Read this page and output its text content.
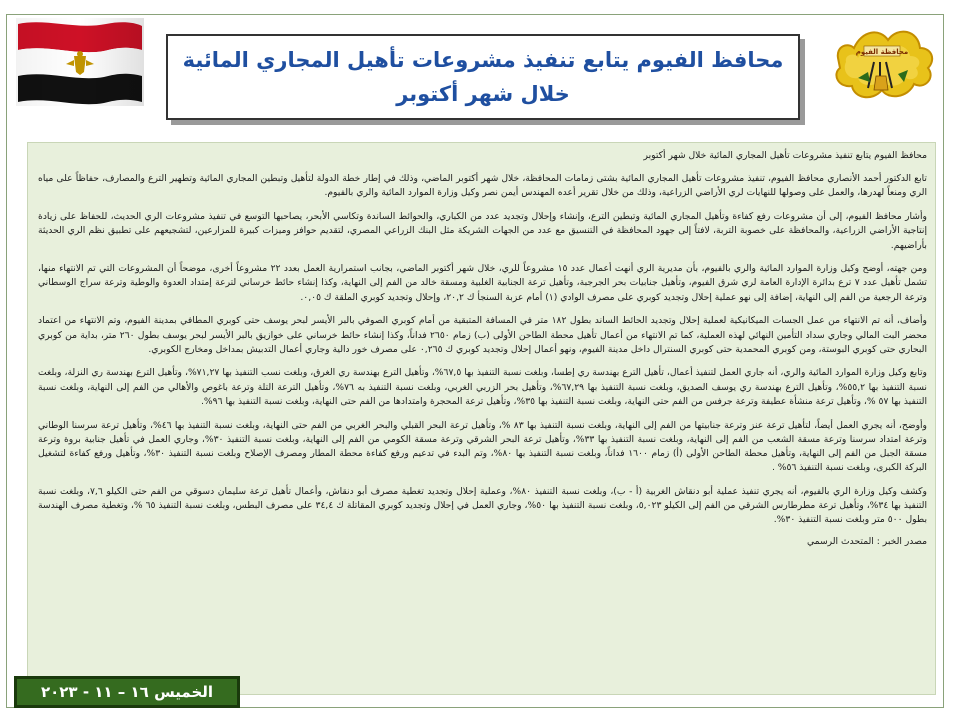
محافظة الفيوم
محافظ الفيوم يتابع تنفيذ مشروعات تأهيل المجاري المائية خلال شهر أكتوبر

محافظ الفيوم يتابع تنفيذ مشروعات تأهيل المجاري المائية خلال شهر أكتوبر

تابع الدكتور أحمد الأنصاري محافظ الفيوم، تنفيذ مشروعات تأهيل المجاري المائية بشتى زمامات المحافظة، خلال شهر أكتوبر الماضي، وذلك في إطار خطة الدولة لتأهيل وتبطين المجاري المائية وتطهير الترع والمصارف، حفاظاً على مياه الري ومنعاً لهدرها، والعمل على وصولها للنهايات لري الأراضي الزراعية، وذلك من خلال تقرير أعده المهندس أيمن نصر وكيل وزارة الموارد المائية والري بالفيوم.

وأشار محافظ الفيوم، إلى أن مشروعات رفع كفاءة وتأهيل المجاري المائية وتبطين الترع، وإنشاء وإحلال وتجديد عدد من الكباري، والحوائط الساندة وتكاسي الأبحر، يصاحبها التوسع في تنفيذ مشروعات الري الحديث، للحفاظ على زيادة إنتاجية الأراضي الزراعية، والمحافظة على خصوبة التربة، لافتاً إلى جهود المحافظة في التنسيق مع عدد من الجهات الشريكة مثل البنك الزراعي المصري، لتقديم حوافز وميزات كبيرة للمزارعين، لتشجيعهم على تطبيق نظم الري الحديثة بأراضيهم.

ومن جهته، أوضح وكيل وزارة الموارد المائية والري بالفيوم، بأن مديرية الري أنهت أعمال عدد ١٥ مشروعاً للري، خلال شهر أكتوبر الماضي، بجانب استمرارية العمل بعدد ٢٢ مشروعاً أخرى، موضحاً أن المشروعات التي تم الانتهاء منها، تشمل تأهيل عدد ٧ ترع بدائرة الإدارة العامة لري شرق الفيوم، وتأهيل جنابيات بحر الجرجبة، وتأهيل ترعة الجنابية الغلبية ومسقة خالد من الفم إلى النهاية، وكذا إنشاء حائط خرساني لترعة إمتداد العدوة والوطية وترعة سراج الوسطاني وترعة الرجعية من الفم إلى النهاية، إضافة إلى نهو عملية إحلال وتجديد كوبري على مصرف الوادي (١) أمام عزبة السنجأ ك ٢٠,٢، وإحلال وتجديد كوبري الملقة ك ٠,٠٥.

وأضاف، أنه تم الانتهاء من عمل الجسات الميكانيكية لعملية إحلال وتجديد الحائط الساند بطول ١٨٢ متر في المسافة المتبقية من أمام كوبري الصوفي بالبر الأيسر لبحر يوسف حتى كوبري المطافي بمدينة الفيوم، وتم الانتهاء من اعتماد محضر البت المالي وجاري سداد التأمين النهائي لهذه العملية، كما تم الانتهاء من أعمال تأهيل محطة الطاحن الأولى (ب) زمام ٢٦٥٠ فداناً، وكذا إنشاء حائط خرساني على خوازيق بالبر الأيسر لبحر يوسف بطول ٢٦٠ متر، بداية من كوبري البحاري حتى كوبري البوستة، ومن كوبري المحمدية حتى كوبري السنترال داخل مدينة الفيوم، ونهو أعمال إحلال وتجديد كوبري ك ٠,٢٦٥ على مصرف خور دالية وجاري أعمال التدبيش بمداخل ومخارج الكوبري.

وتابع وكيل وزارة الموارد المائية والري، أنه جاري العمل لتنفيذ أعمال، تأهيل الترع بهندسة ري إطسا، وبلغت نسبة التنفيذ بها ٦٧,٥%، وتأهيل الترع بهندسة ري الغرق، وبلغت نسب التنفيذ بها ٧١,٢٧%، وتأهيل الترع بهندسة ري النزلة، وبلغت نسبة التنفيذ بها ٥٥,٢%، وتأهيل الترع بهندسة ري يوسف الصديق، وبلغت نسبة التنفيذ بها ٦٧,٢٩%، وتأهيل بحر الزربي الغربي، وبلغت نسبة التنفيذ به ٧٦%، وتأهيل الترعة التلة وترعة باغوص والأهالي من الفم إلى النهاية، وبلغت نسبة التنفيذ بها ٥٧ %، وتأهيل ترعة منشأة عطيفة وترعة جرفس من الفم حتى النهاية، وبلغت نسبة التنفيذ بها ٣٥%، وتأهيل ترعة المحجرة وامتدادها من الفم حتى النهاية، وبلغت نسبة التنفيذ بها ٩٦%.

وأوضح، أنه يجري العمل أيضاً، لتأهيل ترعة عنز وترعة جنابيتها من الفم إلى النهاية، وبلغت نسبة التنفيذ بها ٨٣ %، وتأهيل ترعة البحر القبلي والبحر الغربي من الفم حتى النهاية، وبلغت نسبة التنفيذ بها ٤٦%، وتأهيل ترعة سرسنا الوطاني وترعة امتداد سرسنا وترعة مسقة الشعب من الفم إلى النهاية، وبلغت نسبة التنفيذ بها ٣٣%، وتأهيل ترعة البحر الشرقي وترعة مسقة الكومي من الفم إلى النهاية، وبلغت نسبة التنفيذ ٣٠%، وجاري العمل في تأهيل جنابية بروة وترعة مسقة الجبل من الفم إلى النهاية، وتأهيل محطة الطاحن الأولى (أ) زمام ١٦٠٠ فداناً، وبلغت نسبة التنفيذ بها ٨٠%، وتم البدء في تدعيم ورفع كفاءة محطة المطار ومصرف الإصلاح وبلغت نسبة التنفيذ ٣٠%، وتأهيل ورفع كفاءة لتشغيل البركة الكبرى، وبلغت نسبة التنفيذ ٥٦% .

وكشف وكيل وزارة الري بالفيوم، أنه يجري تنفيذ عملية أبو دنقاش الغربية (أ - ب)، وبلغت نسبة التنفيذ ٨٠%، وعملية إحلال وتجديد تغطية مصرف أبو دنقاش، وأعمال تأهيل ترعة سليمان دسوقي من الفم حتى الكيلو ٧,٦، وبلغت نسبة التنفيذ بها ٣٤%، وتأهيل ترعة مطرطارس الشرقي من الفم إلى الكيلو ٥,٠٢٣، وبلغت نسبة التنفيذ بها ٥٠%، وجاري العمل في إحلال وتجديد كوبري المقاتلة ك ٣٤,٤ على مصرف البطس، وبلغت نسبة التنفيذ ٦٥ %، وتغطية مصرف الهندسة بطول ٥٠٠ متر وبلغت نسبة التنفيذ ٣٠%.

مصدر الخبر : المتحدث الرسمي

الخميس ١٦ – ١١ - ٢٠٢٣
